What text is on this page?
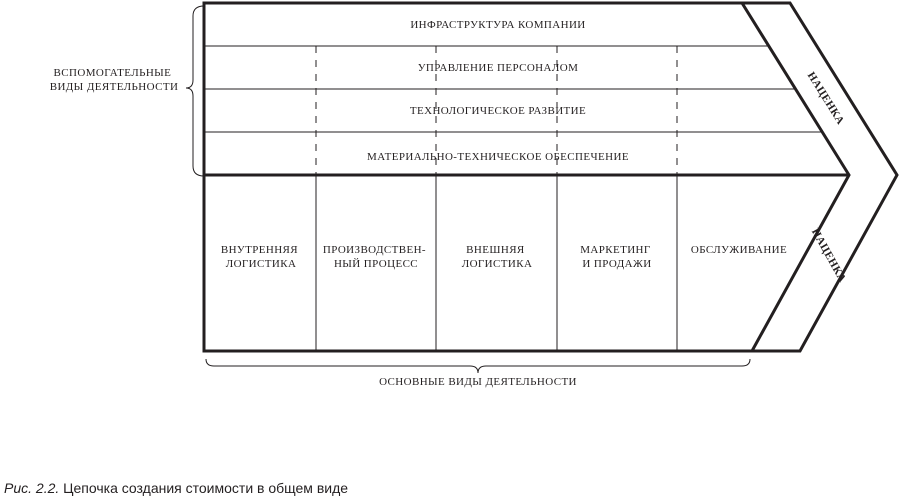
ВСПОМОГАТЕЛЬНЫЕ ВИДЫ ДЕЯТЕЛЬНОСТИ
ИНФРАСТРУКТУРА КОМПАНИИ
УПРАВЛЕНИЕ ПЕРСОНАЛОМ
ТЕХНОЛОГИЧЕСКОЕ РАЗВИТИЕ
МАТЕРИАЛЬНО-ТЕХНИЧЕСКОЕ ОБЕСПЕЧЕНИЕ
ВНУТРЕННЯЯ ЛОГИСТИКА
ПРОИЗВОДСТВЕН- НЫЙ ПРОЦЕСС
ВНЕШНЯЯ ЛОГИСТИКА
МАРКЕТИНГ И ПРОДАЖИ
ОБСЛУЖИВАНИЕ
НАЦЕНКА
НАЦЕНКА
ОСНОВНЫЕ ВИДЫ ДЕЯТЕЛЬНОСТИ
Рис. 2.2. Цепочка создания стоимости в общем виде
